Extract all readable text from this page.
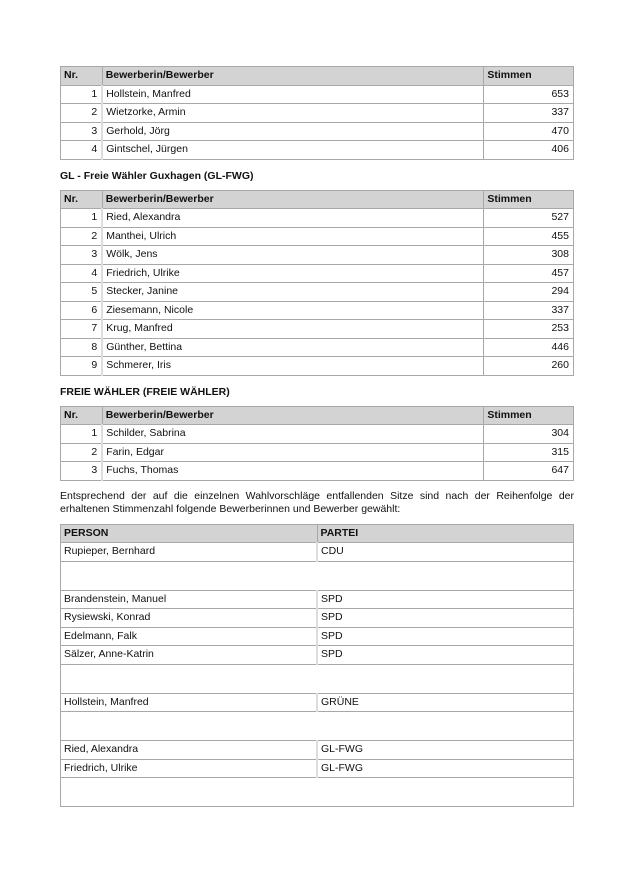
Nr.	Bewerberin/Bewerber	Stimmen
1	Hollstein, Manfred	653
2	Wietzorke, Armin	337
3	Gerhold, Jörg	470
4	Gintschel, Jürgen	406
GL - Freie Wähler Guxhagen (GL-FWG)
Nr.	Bewerberin/Bewerber	Stimmen
1	Ried, Alexandra	527
2	Manthei, Ulrich	455
3	Wölk, Jens	308
4	Friedrich, Ulrike	457
5	Stecker, Janine	294
6	Ziesemann, Nicole	337
7	Krug, Manfred	253
8	Günther, Bettina	446
9	Schmerer, Iris	260
FREIE WÄHLER (FREIE WÄHLER)
Nr.	Bewerberin/Bewerber	Stimmen
1	Schilder, Sabrina	304
2	Farin, Edgar	315
3	Fuchs, Thomas	647

Entsprechend der auf die einzelnen Wahlvorschläge entfallenden Sitze sind nach der Reihenfolge der erhaltenen Stimmenzahl folgende Bewerberinnen und Bewerber gewählt:

PERSON	PARTEI
Rupieper, Bernhard	CDU

Brandenstein, Manuel	SPD
Rysiewski, Konrad	SPD
Edelmann, Falk	SPD
Sälzer, Anne-Katrin	SPD

Hollstein, Manfred	GRÜNE

Ried, Alexandra	GL-FWG
Friedrich, Ulrike	GL-FWG
